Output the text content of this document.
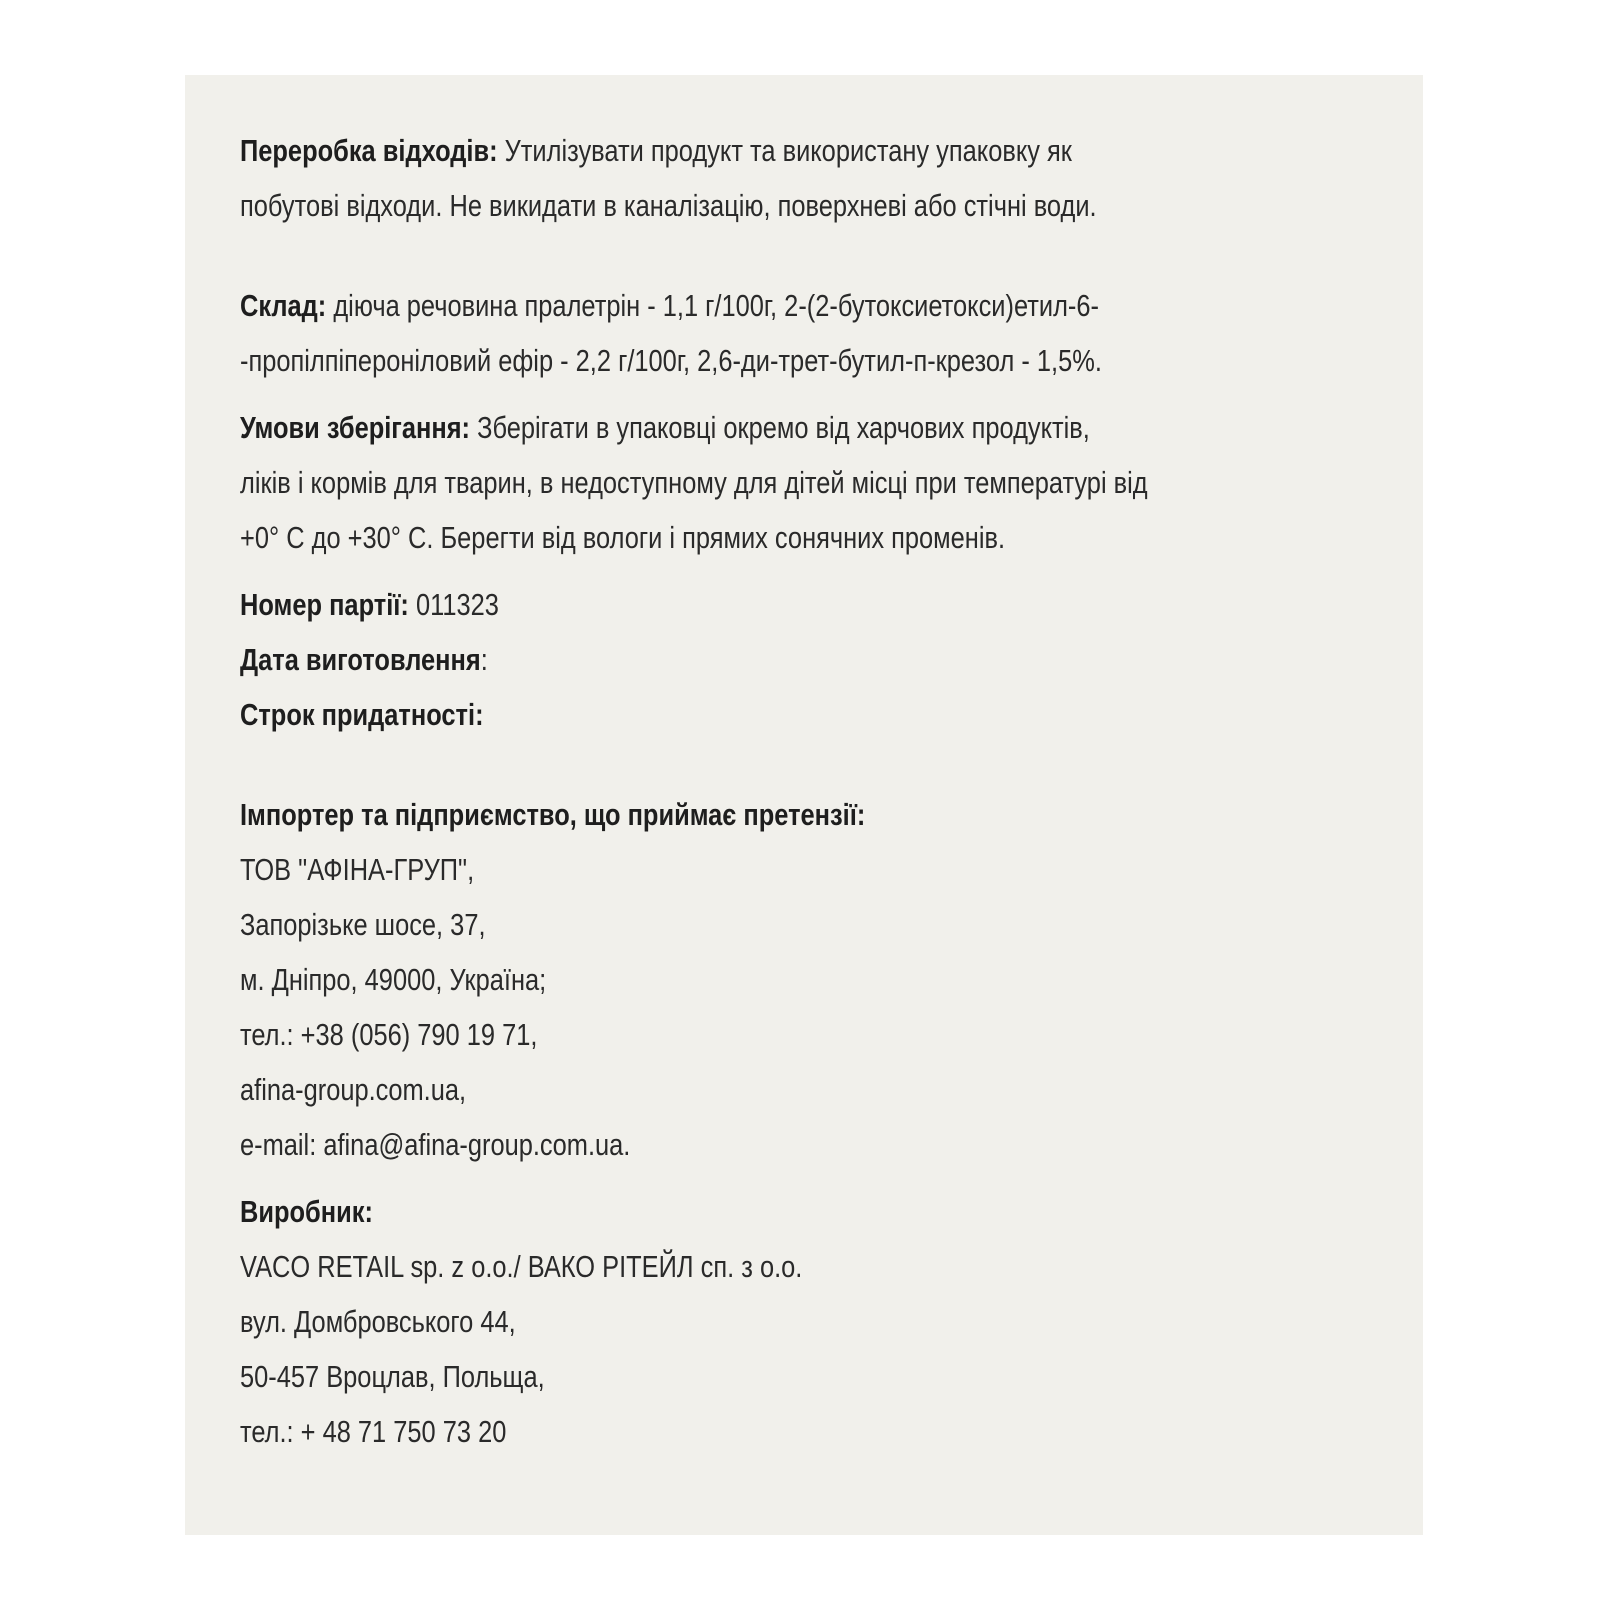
Переробка відходів: Утилізувати продукт та використану упаковку як
побутові відходи. Не викидати в каналізацію, поверхневі або стічні води.
Склад: діюча речовина пралетрін - 1,1 г/100г, 2-(2-бутоксиетокси)етил-6-
-пропілпіпероніловий ефір - 2,2 г/100г, 2,6-ди-трет-бутил-п-крезол - 1,5%.
Умови зберігання: Зберігати в упаковці окремо від харчових продуктів,
ліків і кормів для тварин, в недоступному для дітей місці при температурі від
+0° С до +30° С. Берегти від вологи і прямих сонячних променів.
Номер партії: 011323
Дата виготовлення:
Строк придатності:
Імпортер та підприємство, що приймає претензії:
ТОВ "АФІНА-ГРУП",
Запорізьке шосе, 37,
м. Дніпро, 49000, Україна;
тел.: +38 (056) 790 19 71,
afina-group.com.ua,
e-mail: afina@afina-group.com.ua.
Виробник:
VACO RETAIL sp. z o.o./ ВАКО РІТЕЙЛ сп. з о.о.
вул. Домбровського 44,
50-457 Вроцлав, Польща,
тел.: + 48 71 750 73 20
